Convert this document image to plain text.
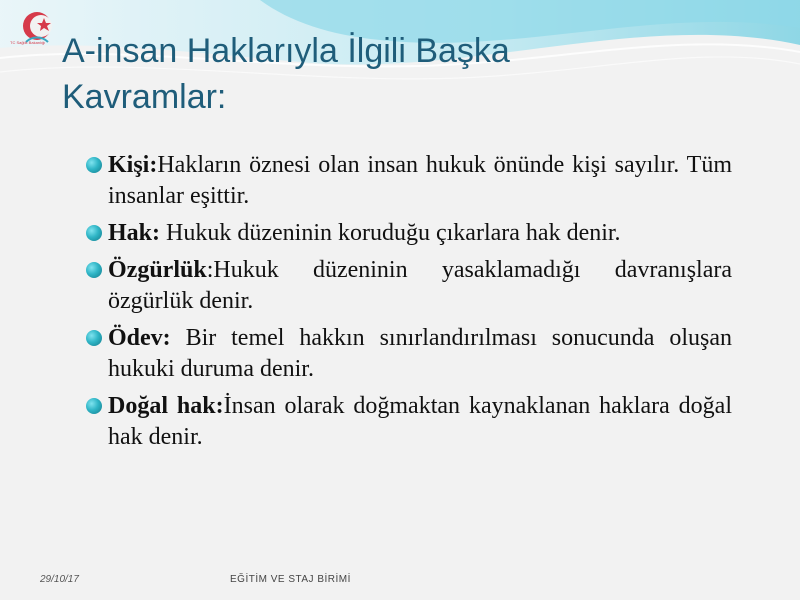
TC Sağlık Bakanlığı A-insan Haklarıyla İlgili Başka
Kavramlar:
Kişi:Hakların öznesi olan insan hukuk önünde kişi sayılır. Tüm insanlar eşittir.
Hak: Hukuk düzeninin koruduğu çıkarlara hak denir.
Özgürlük:Hukuk düzeninin yasaklamadığı davranışlara özgürlük denir.
Ödev: Bir temel hakkın sınırlandırılması sonucunda oluşan hukuki duruma denir.
Doğal hak:İnsan olarak doğmaktan kaynaklanan haklara doğal hak denir.
29/10/17	EĞİTİM VE STAJ BİRİMİ
